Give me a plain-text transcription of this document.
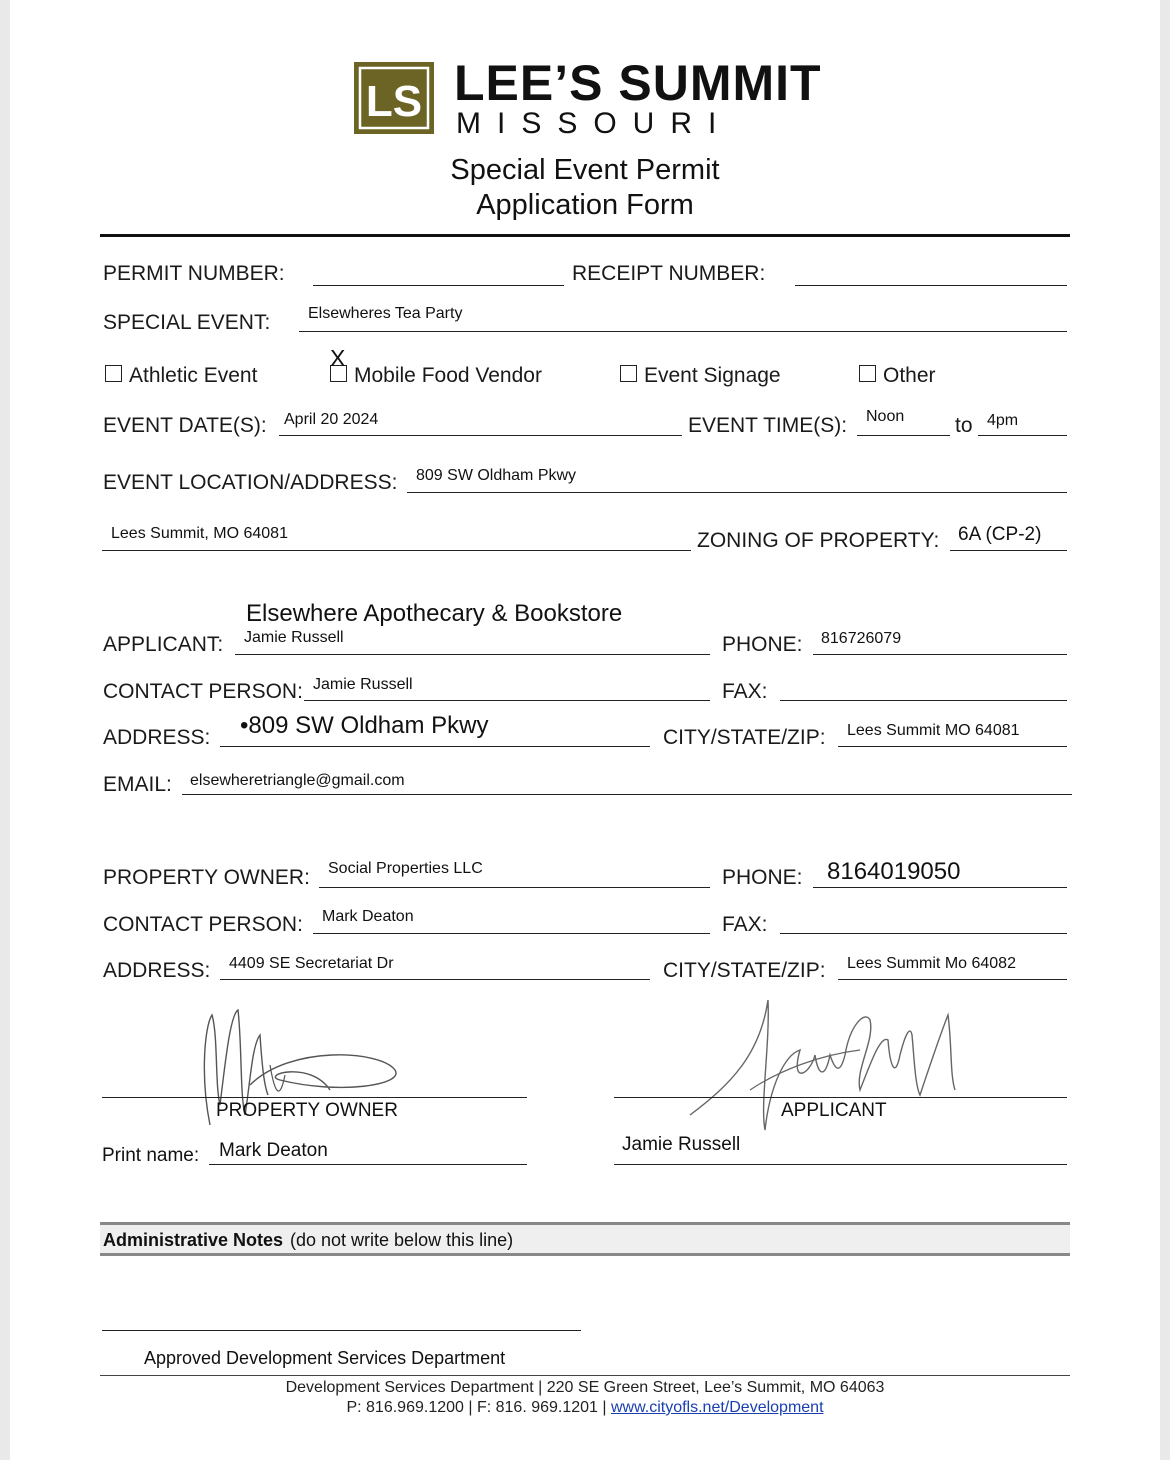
LS LEE’S SUMMIT
MISSOURI
Special Event Permit
Application Form
PERMIT NUMBER:	RECEIPT NUMBER:
SPECIAL EVENT: Elsewheres Tea Party
Athletic Event	Mobile Food Vendor
X
Event Signage	Other
EVENT DATE(S): April 20 2024	EVENT TIME(S): Noon to 4pm
EVENT LOCATION/ADDRESS: 809 SW Oldham Pkwy
Lees Summit, MO 64081	ZONING OF PROPERTY: 6A (CP-2)
Elsewhere Apothecary & Bookstore
APPLICANT: Jamie Russell	PHONE: 816726079
CONTACT PERSON: Jamie Russell	FAX:
ADDRESS: •809 SW Oldham Pkwy	CITY/STATE/ZIP: Lees Summit MO 64081
EMAIL: elsewheretriangle@gmail.com
PROPERTY OWNER: Social Properties LLC	PHONE: 8164019050
CONTACT PERSON: Mark Deaton	FAX:
ADDRESS: 4409 SE Secretariat Dr	CITY/STATE/ZIP: Lees Summit Mo 64082
PROPERTY OWNER	APPLICANT
Print name: Mark Deaton	Jamie Russell
Administrative Notes (do not write below this line)
Approved Development Services Department
Development Services Department | 220 SE Green Street, Lee’s Summit, MO 64063
P: 816.969.1200 | F: 816. 969.1201 | www.cityofls.net/Development
